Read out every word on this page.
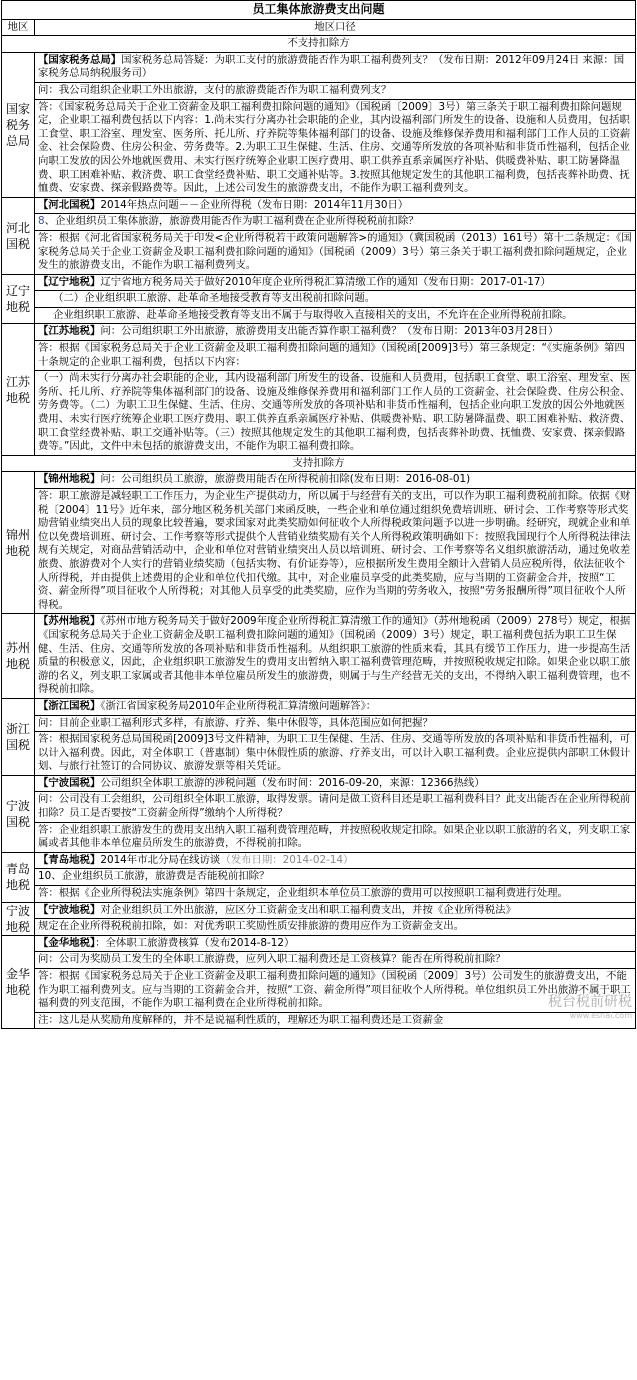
员工集体旅游费支出问题	
地区	地区口径
不支持扣除方	
国家税务总局	【国家税务总局】国家税务总局答疑：为职工支付的旅游费能否作为职工福利费列支？（发布日期：2012年09月24日 来源：国家税务总局纳税服务司）
	问：我公司组织企业职工外出旅游，支付的旅游费能否作为职工福利费列支？
	答：《国家税务总局关于企业工资薪金及职工福利费扣除问题的通知》（国税函〔2009〕3号）第三条关于职工福利费扣除问题规定，企业职工福利费包括以下内容：1.尚未实行分离办社会职能的企业，其内设福利部门所发生的设备、设施和人员费用，包括职工食堂、职工浴室、理发室、医务所、托儿所、疗养院等集体福利部门的设备、设施及维修保养费用和福利部门工作人员的工资薪金、社会保险费、住房公积金、劳务费等。2.为职工卫生保健、生活、住房、交通等所发放的各项补贴和非货币性福利，包括企业向职工发放的因公外地就医费用、未实行医疗统筹企业职工医疗费用、职工供养直系亲属医疗补贴、供暖费补贴、职工防暑降温费、职工困难补贴、救济费、职工食堂经费补贴、职工交通补贴等。3.按照其他规定发生的其他职工福利费，包括丧葬补助费、抚恤费、安家费、探亲假路费等。因此，上述公司发生的旅游费支出，不能作为职工福利费列支。
河北国税	【河北国税】2014年热点问题－－企业所得税（发布日期：2014年11月30日）
	8、企业组织员工集体旅游，旅游费用能否作为职工福利费在企业所得税税前扣除？
	答：根据《河北省国家税务局关于印发<企业所得税若干政策问题解答>的通知》（冀国税函（2013）161号）第十二条规定：《国家税务总局关于企业工资薪金及职工福利费扣除问题的通知》（国税函（2009）3号）第三条关于职工福利费扣除问题规定，企业发生的旅游费支出，不能作为职工福利费列支。
辽宁地税	【辽宁地税】辽宁省地方税务局关于做好2010年度企业所得税汇算清缴工作的通知（发布日期：2017-01-17）
	（二）企业组织职工旅游、赴革命圣地接受教育等支出税前扣除问题。
	企业组织职工旅游、赴革命圣地接受教育等支出不属于与取得收入直接相关的支出，不允许在企业所得税前扣除。
江苏地税	【江苏地税】问：公司组织职工外出旅游，旅游费用支出能否算作职工福利费？（发布日期：2013年03月28日）
	答：根据《国家税务总局关于企业工资薪金及职工福利费扣除问题的通知》（国税函[2009]3号）第三条规定：“《实施条例》第四十条规定的企业职工福利费，包括以下内容：
	（一）尚未实行分离办社会职能的企业，其内设福利部门所发生的设备、设施和人员费用，包括职工食堂、职工浴室、理发室、医务所、托儿所、疗养院等集体福利部门的设备、设施及维修保养费用和福利部门工作人员的工资薪金、社会保险费、住房公积金、劳务费等。（二）为职工卫生保健、生活、住房、交通等所发放的各项补贴和非货币性福利，包括企业向职工发放的因公外地就医费用、未实行医疗统筹企业职工医疗费用、职工供养直系亲属医疗补贴、供暖费补贴、职工防暑降温费、职工困难补贴、救济费、职工食堂经费补贴、职工交通补贴等。（三）按照其他规定发生的其他职工福利费，包括丧葬补助费、抚恤费、安家费、探亲假路费等。”因此，文件中未包括的旅游费支出，不能作为职工福利费扣除。
支持扣除方	
锦州地税	【锦州地税】问：公司组织员工旅游，旅游费用能否在所得税前扣除(发布日期：2016-08-01)
	答：职工旅游是减轻职工工作压力，为企业生产提供动力，所以属于与经营有关的支出，可以作为职工福利费税前扣除。依据《财税〔2004〕11号》近年来，部分地区税务机关部门来函反映，一些企业和单位通过组织免费培训班、研讨会、工作考察等形式奖励营销业绩突出人员的现象比较普遍，要求国家对此类奖励如何征收个人所得税政策问题予以进一步明确。经研究，现就企业和单位以免费培训班、研讨会、工作考察等形式提供个人营销业绩奖励有关个人所得税政策明确如下：按照我国现行个人所得税法律法规有关规定，对商品营销活动中，企业和单位对营销业绩突出人员以培训班、研讨会、工作考察等名义组织旅游活动，通过免收差旅费、旅游费对个人实行的营销业绩奖励（包括实物、有价证券等），应根据所发生费用全额计入营销人员应税所得，依法征收个人所得税，并由提供上述费用的企业和单位代扣代缴。其中，对企业雇员享受的此类奖励，应与当期的工资薪金合并，按照“工资、薪金所得”项目征收个人所得税；对其他人员享受的此类奖励，应作为当期的劳务收入，按照“劳务报酬所得”项目征收个人所得税。
苏州地税	【苏州地税】《苏州市地方税务局关于做好2009年度企业所得税汇算清缴工作的通知》（苏州地税函（2009）278号）规定，根据《国家税务总局关于企业工资薪金及职工福利费扣除问题的通知》（国税函（2009）3号）规定，职工福利费包括为职工卫生保健、生活、住房、交通等所发放的各项补贴和非货币性福利。从组织职工旅游的性质来看，其具有缓节工作压力，进一步提高生活质量的积极意义，因此，企业组织职工旅游发生的费用支出暂纳入职工福利费管理范畴，并按照税收规定扣除。如果企业以职工旅游的名义，列支职工家属或者其他非本单位雇员所发生的旅游费，则属于与生产经营无关的支出，不得纳入职工福利费管理，也不得税前扣除。
浙江国税	【浙江国税】《浙江省国家税务局2010年企业所得税汇算清缴问题解答》：
	问：目前企业职工福利形式多样，有旅游、疗养、集中休假等，具体范围应如何把握？
	答：根据国家税务总局国税函[2009]3号文件精神，为职工卫生保健、生活、住房、交通等所发放的各项补贴和非货币性福利，可以计入福利费。因此，对全体职工（普惠制）集中休假性质的旅游、疗养支出，可以计入职工福利费。企业应提供内部职工休假计划、与旅行社签订的合同协议、旅游发票等相关凭证。
宁波国税	【宁波国税】公司组织全体职工旅游的涉税问题（发布时间：2016-09-20，来源：12366热线）
	问：公司没有工会组织，公司组织全体职工旅游，取得发票。请问是做工资科目还是职工福利费科目？此支出能否在企业所得税前扣除？员工是否要按“工资薪金所得”缴纳个人所得税？
	答：企业组织职工旅游发生的费用支出纳入职工福利费管理范畴，并按照税收规定扣除。如果企业以职工旅游的名义，列支职工家属或者其他非本单位雇员所发生的旅游费，不得税前扣除。
青岛地税	【青岛地税】2014年市北分局在线访谈（发布日期：2014-02-14）
	10、企业组织员工旅游，旅游费是否能税前扣除？
	答：根据《企业所得税法实施条例》第四十条规定，企业组织本单位员工旅游的费用可以按照职工福利费进行处理。
宁波地税	【宁波地税】对企业组织员工外出旅游，应区分工资薪金支出和职工福利费支出，并按《企业所得税法》
	规定在企业所得税税前扣除，如：对优秀职工奖励性质安排旅游的费用应作为工资薪金支出。
金华地税	【金华地税】：全体职工旅游费核算（发布2014-8-12）
	问：公司为奖励员工发生的全体职工旅游费，应列入职工福利费还是工资核算？能否在所得税前扣除？
	答：根据《国家税务总局关于企业工资薪金及职工福利费扣除问题的通知》（国税函〔2009〕3号）公司发生的旅游费支出，不能作为职工福利费列支。应与当期的工资薪金合并，按照“工资、薪金所得”项目征收个人所得税。单位组织员工外出旅游不属于职工福利费的列支范围，不能作为职工福利费在企业所得税前扣除。
	注：这儿是从奖励角度解释的，并不是说福利性质的，理解还为职工福利费还是工资薪金
税台税前研税
www.esnai.com
